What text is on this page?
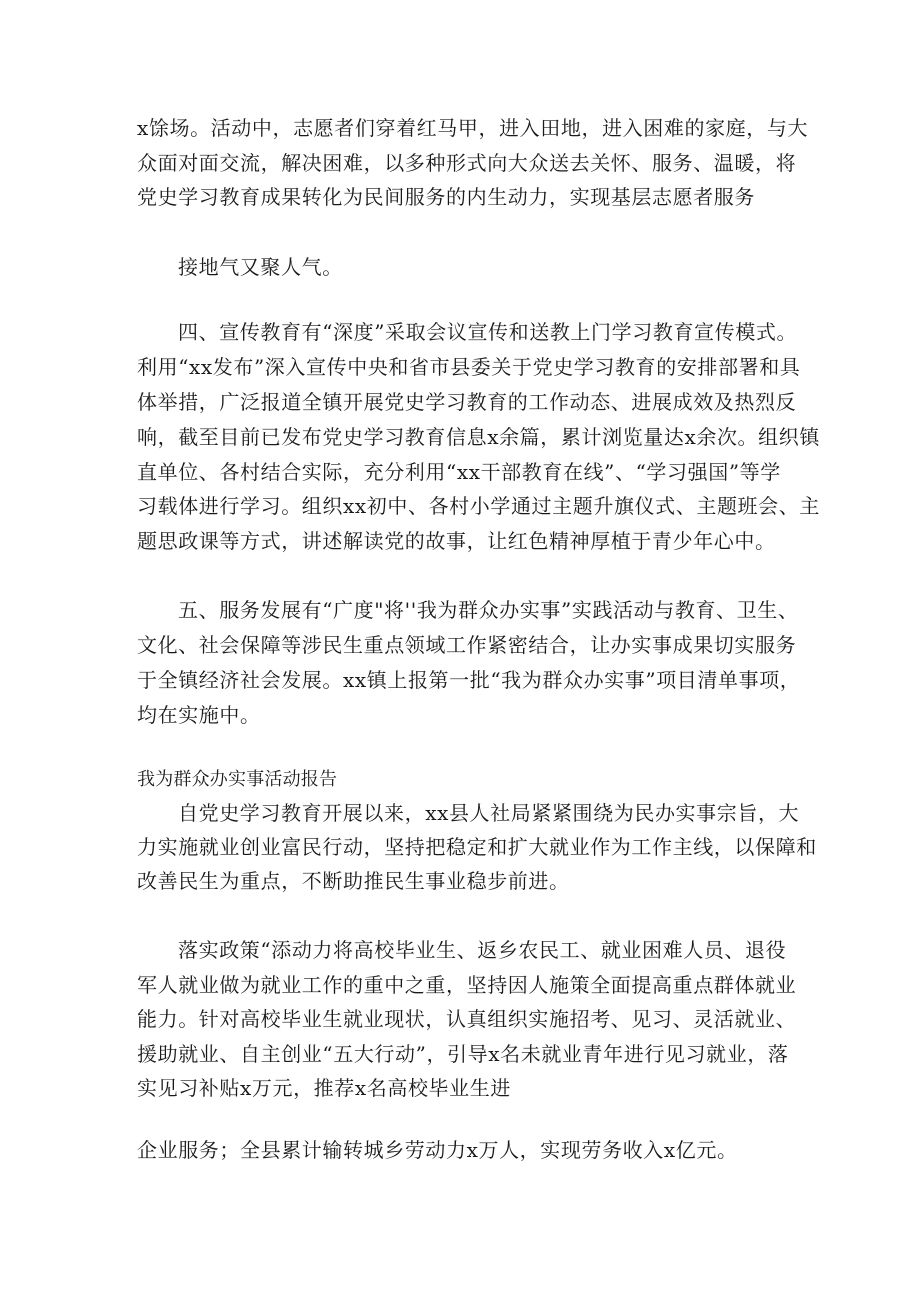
x馀场。活动中，志愿者们穿着红马甲，进入田地，进入困难的家庭，与大
众面对面交流，解决困难，以多种形式向大众送去关怀、服务、温暖，将
党史学习教育成果转化为民间服务的内生动力，实现基层志愿者服务
接地气又聚人气。
四、宣传教育有“深度”采取会议宣传和送教上门学习教育宣传模式。
利用“xx发布”深入宣传中央和省市县委关于党史学习教育的安排部署和具
体举措，广泛报道全镇开展党史学习教育的工作动态、进展成效及热烈反
响，截至目前已发布党史学习教育信息x余篇，累计浏览量达x余次。组织镇
直单位、各村结合实际，充分利用“xx干部教育在线”、“学习强国”等学
习载体进行学习。组织xx初中、各村小学通过主题升旗仪式、主题班会、主
题思政课等方式，讲述解读党的故事，让红色精神厚植于青少年心中。
五、服务发展有“广度"将''我为群众办实事”实践活动与教育、卫生、
文化、社会保障等涉民生重点领域工作紧密结合，让办实事成果切实服务
于全镇经济社会发展。xx镇上报第一批“我为群众办实事”项目清单事项，
均在实施中。
我为群众办实事活动报告
自党史学习教育开展以来，xx县人社局紧紧围绕为民办实事宗旨，大
力实施就业创业富民行动，坚持把稳定和扩大就业作为工作主线，以保障和
改善民生为重点，不断助推民生事业稳步前进。
落实政策“添动力将高校毕业生、返乡农民工、就业困难人员、退役
军人就业做为就业工作的重中之重，坚持因人施策全面提高重点群体就业
能力。针对高校毕业生就业现状，认真组织实施招考、见习、灵活就业、
援助就业、自主创业“五大行动”，引导x名未就业青年进行见习就业，落
实见习补贴x万元，推荐x名高校毕业生进
企业服务；全县累计输转城乡劳动力x万人，实现劳务收入x亿元。
